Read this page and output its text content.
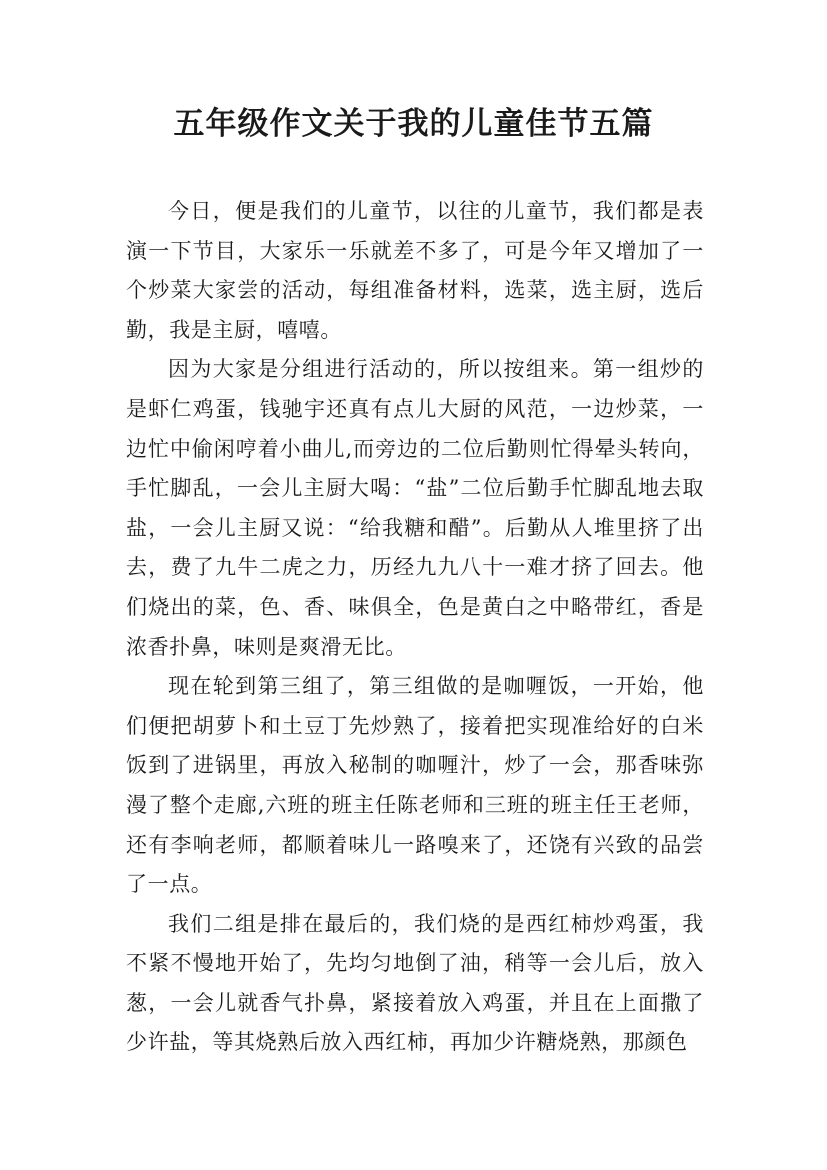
五年级作文关于我的儿童佳节五篇

今日，便是我们的儿童节，以往的儿童节，我们都是表演一下节目，大家乐一乐就差不多了，可是今年又增加了一个炒菜大家尝的活动，每组准备材料，选菜，选主厨，选后勤，我是主厨，嘻嘻。

因为大家是分组进行活动的，所以按组来。第一组炒的是虾仁鸡蛋，钱驰宇还真有点儿大厨的风范，一边炒菜，一边忙中偷闲哼着小曲儿,而旁边的二位后勤则忙得晕头转向，手忙脚乱，一会儿主厨大喝：“盐”二位后勤手忙脚乱地去取盐，一会儿主厨又说：“给我糖和醋”。后勤从人堆里挤了出去，费了九牛二虎之力，历经九九八十一难才挤了回去。他们烧出的菜，色、香、味俱全，色是黄白之中略带红，香是浓香扑鼻，味则是爽滑无比。

现在轮到第三组了，第三组做的是咖喱饭，一开始，他们便把胡萝卜和土豆丁先炒熟了，接着把实现准给好的白米饭到了进锅里，再放入秘制的咖喱汁，炒了一会，那香味弥漫了整个走廊,六班的班主任陈老师和三班的班主任王老师，还有李响老师，都顺着味儿一路嗅来了，还饶有兴致的品尝了一点。

我们二组是排在最后的，我们烧的是西红柿炒鸡蛋，我不紧不慢地开始了，先均匀地倒了油，稍等一会儿后，放入葱，一会儿就香气扑鼻，紧接着放入鸡蛋，并且在上面撒了少许盐，等其烧熟后放入西红柿，再加少许糖烧熟，那颜色
